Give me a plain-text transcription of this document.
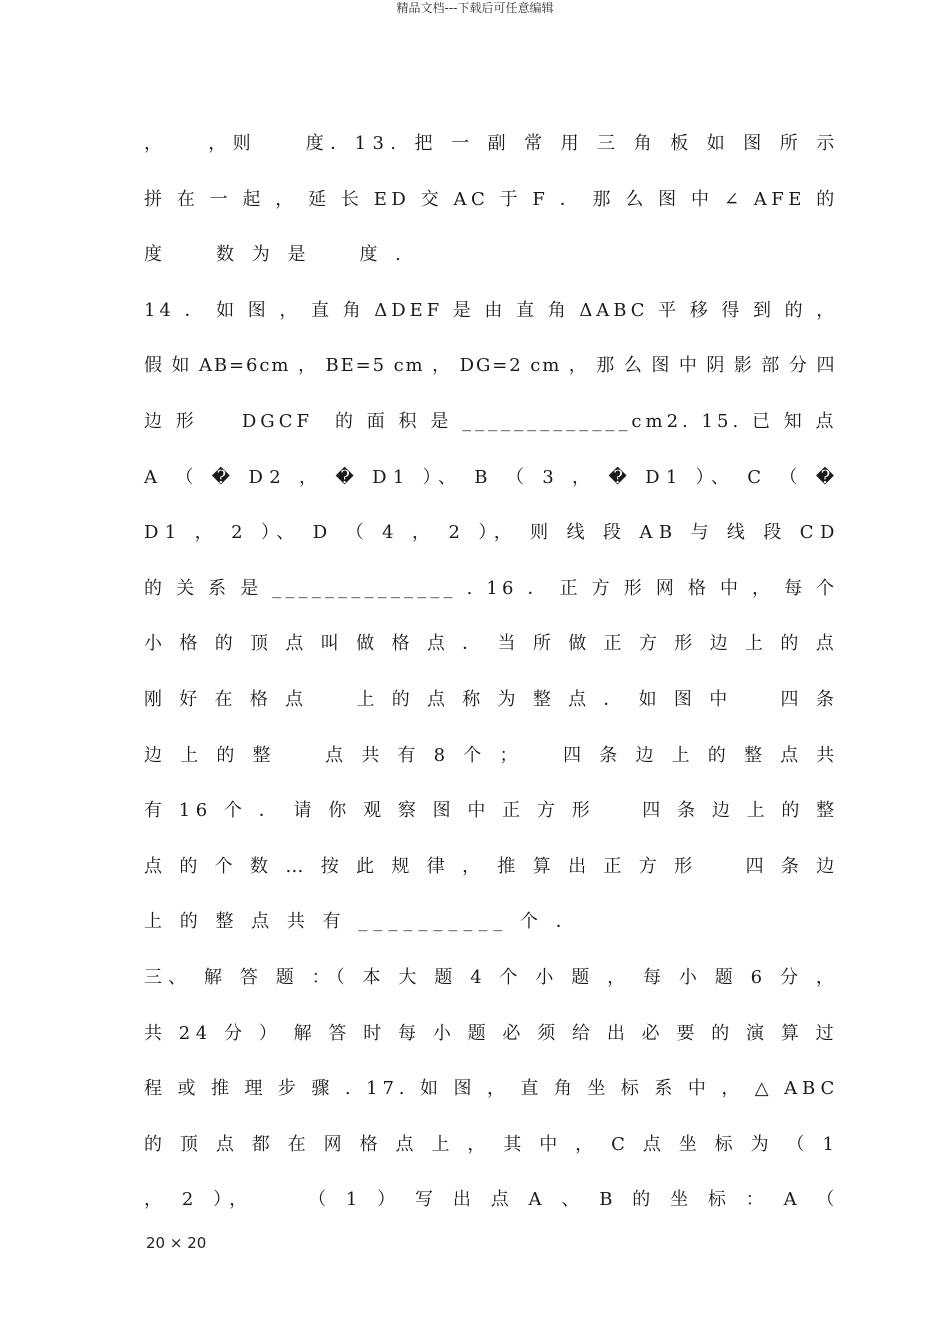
精品文档---下载后可任意编辑
，　　，则　　度．13. 把 一 副 常 用 三 角 板 如 图 所 示
拼 在 一 起 ， 延 长 ED 交 AC 于 F ． 那 么 图 中 ∠ AFE 的
度　　数 为 是　　度 .
14 ． 如 图 ， 直 角 ΔDEF 是 由 直 角 ΔABC 平 移 得 到 的 ，
假 如 AB=6cm ， BE=5 cm ， DG=2 cm ， 那 么 图 中 阴 影 部 分 四
边 形　　DGCF　的 面 积 是 _____________cm2. 15. 已 知 点
A （ � D2 ， � D1 ）、 B （ 3 ， � D1 ）、 C （ �
D1 ， 2 ）、 D （ 4 ， 2 ）， 则 线 段 AB 与 线 段 CD
的 关 系 是 ______________ . 16 ． 正 方 形 网 格 中 ， 每 个
小 格 的 顶 点 叫 做 格 点 ． 当 所 做 正 方 形 边 上 的 点
刚 好 在 格 点　　上 的 点 称 为 整 点 ． 如 图 中　　四 条
边 上 的 整　　点 共 有 8 个 ；　　四 条 边 上 的 整 点 共
有 16 个 ． 请 你 观 察 图 中 正 方 形　　四 条 边 上 的 整
点 的 个 数 … 按 此 规 律 ， 推 算 出 正 方 形　　四 条 边
上 的 整 点 共 有 __________ 个 ．
三、 解 答 题 ：（ 本 大 题 4 个 小 题 ， 每 小 题 6 分 ，
共 24 分 ） 解 答 时 每 小 题 必 须 给 出 必 要 的 演 算 过
程 或 推 理 步 骤 . 17. 如 图 ， 直 角 坐 标 系 中 ， △ ABC
的 顶 点 都 在 网 格 点 上 ， 其 中 ， C 点 坐 标 为 （ 1
， 2 ）， 　　（ 1 ） 写 出 点 A 、 B 的 坐 标 ： A （
20 × 20
